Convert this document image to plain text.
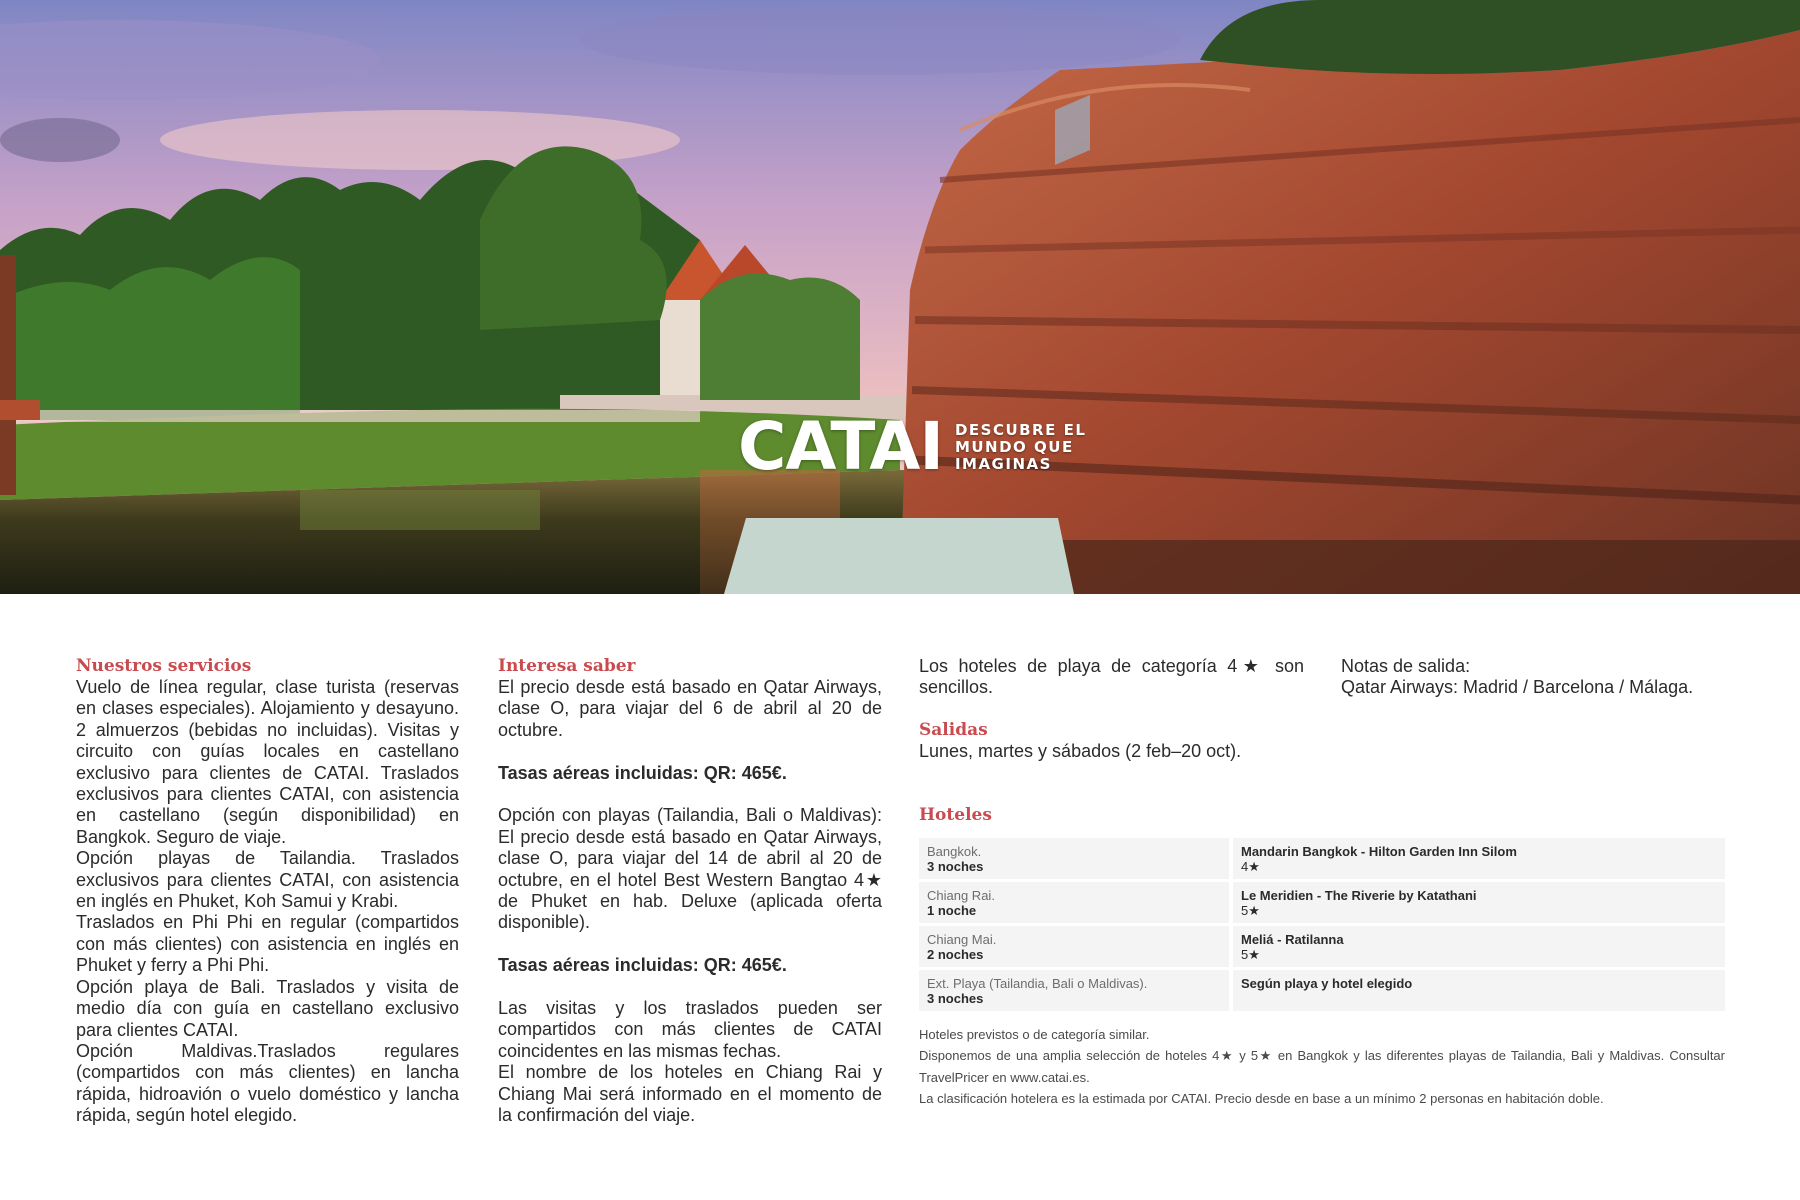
CATAI DESCUBRE EL MUNDO QUE IMAGINAS
Nuestros servicios

Vuelo de línea regular, clase turista (reservas en clases especiales). Alojamiento y desayuno. 2 almuerzos (bebidas no incluidas). Visitas y circuito con guías locales en castellano exclusivo para clientes de CATAI. Traslados exclusivos para clientes CATAI, con asistencia en castellano (según disponibilidad) en Bangkok. Seguro de viaje.

Opción playas de Tailandia. Traslados exclusivos para clientes CATAI, con asistencia en inglés en Phuket, Koh Samui y Krabi.

Traslados en Phi Phi en regular (compartidos con más clientes) con asistencia en inglés en Phuket y ferry a Phi Phi.

Opción playa de Bali. Traslados y visita de medio día con guía en castellano exclusivo para clientes CATAI.

Opción Maldivas.Traslados regulares (compartidos con más clientes) en lancha rápida, hidroavión o vuelo doméstico y lancha rápida, según hotel elegido.

Interesa saber

El precio desde está basado en Qatar Airways, clase O, para viajar del 6 de abril al 20 de octubre.

Tasas aéreas incluidas: QR: 465€.

Opción con playas (Tailandia, Bali o Maldivas): El precio desde está basado en Qatar Airways, clase O, para viajar del 14 de abril al 20 de octubre, en el hotel Best Western Bangtao 4★ de Phuket en hab. Deluxe (aplicada oferta disponible).

Tasas aéreas incluidas: QR: 465€.

Las visitas y los traslados pueden ser compartidos con más clientes de CATAI coincidentes en las mismas fechas.

El nombre de los hoteles en Chiang Rai y Chiang Mai será informado en el momento de la confirmación del viaje.

Los hoteles de playa de categoría 4★ son sencillos.

Salidas

Lunes, martes y sábados (2 feb–20 oct).

Notas de salida:

Qatar Airways: Madrid / Barcelona / Málaga.

Hoteles
Bangkok.
3 noches
Mandarin Bangkok - Hilton Garden Inn Silom
4★
Chiang Rai.
1 noche
Le Meridien - The Riverie by Katathani
5★
Chiang Mai.
2 noches
Meliá - Ratilanna
5★
Ext. Playa (Tailandia, Bali o Maldivas).
3 noches
Según playa y hotel elegido

Hoteles previstos o de categoría similar.

Disponemos de una amplia selección de hoteles 4★ y 5★ en Bangkok y las diferentes playas de Tailandia, Bali y Maldivas. Consultar TravelPricer en www.catai.es.

La clasificación hotelera es la estimada por CATAI. Precio desde en base a un mínimo 2 personas en habitación doble.
